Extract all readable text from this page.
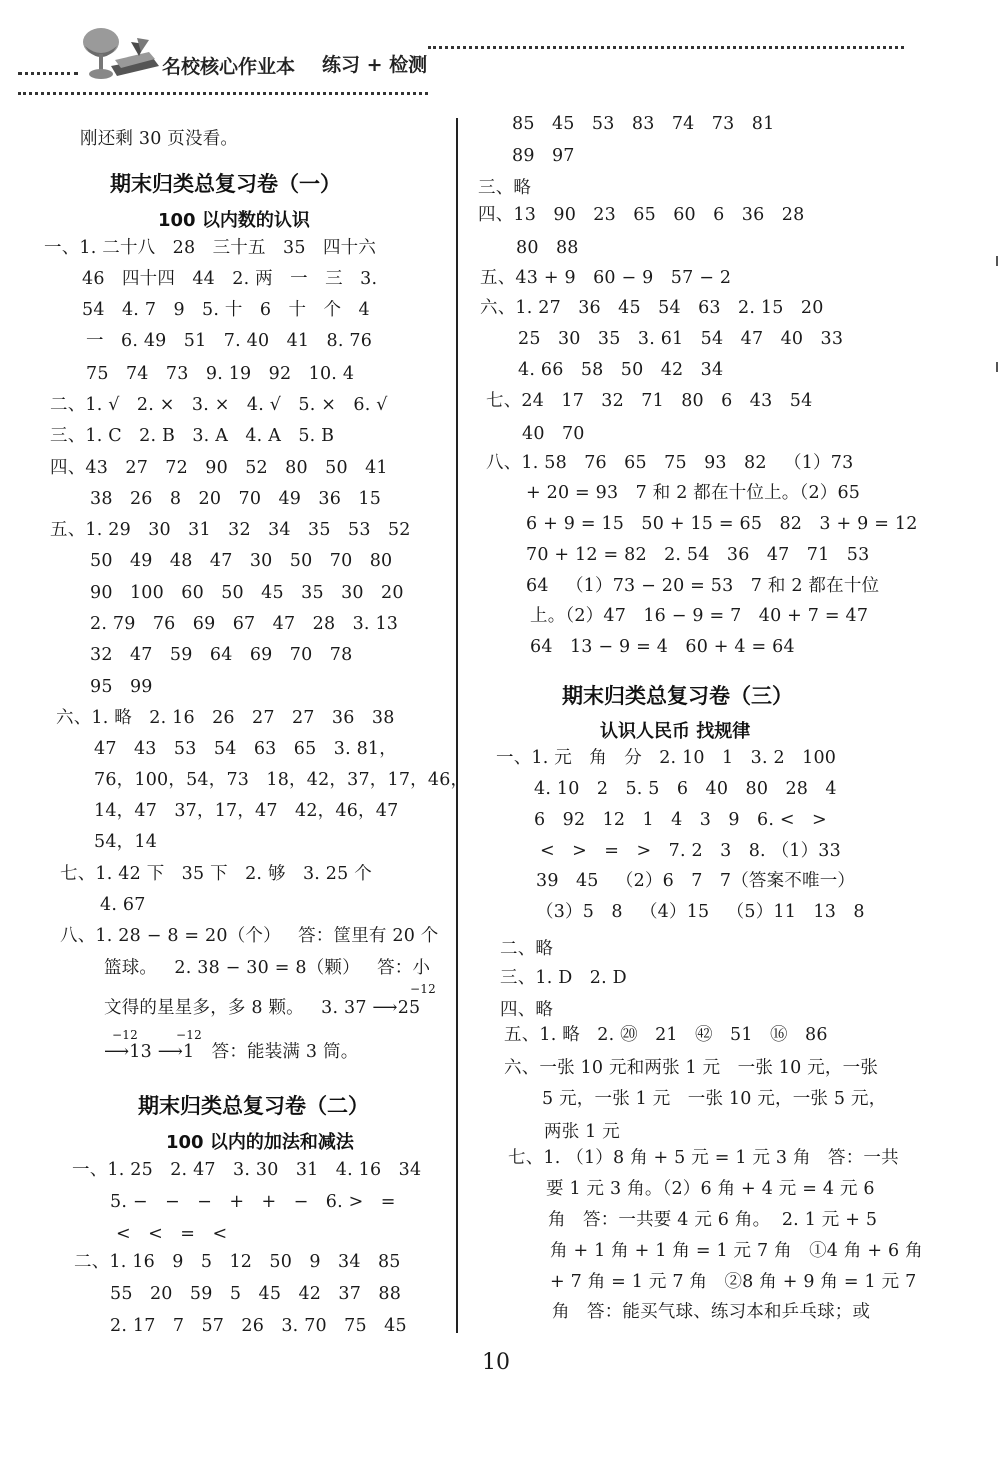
名校核心作业本 练习 + 检测
刚还剩 30 页没看。
期末归类总复习卷（一）
100 以内数的认识
一、1. 二十八   28   三十五   35   四十六
46   四十四   44   2. 两   一   三   3.
54   4. 7   9   5. 十   6   十   个   4
一   6. 49   51   7. 40   41   8. 76
75   74   73   9. 19   92   10. 4
二、1. √   2. ×   3. ×   4. √   5. ×   6. √
三、1. C   2. B   3. A   4. A   5. B
四、43   27   72   90   52   80   50   41
38   26   8   20   70   49   36   15
五、1. 29   30   31   32   34   35   53   52
50   49   48   47   30   50   70   80
90   100   60   50   45   35   30   20
2. 79   76   69   67   47   28   3. 13
32   47   59   64   69   70   78
95   99
六、1. 略   2. 16   26   27   27   36   38
47   43   53   54   63   65   3. 81，
76，100，54，73   18，42，37，17，46，
14，47   37，17，47   42，46，47
54，14
七、1. 42 下   35 下   2. 够   3. 25 个
4. 67
八、1. 28 − 8 = 20（个）   答：筐里有 20 个
篮球。   2. 38 − 30 = 8（颗）   答：小
文得的星星多，多 8 颗。   3. 37 ⟶25
⟶13 ⟶1   答：能装满 3 筒。
−12
−12	−12
期末归类总复习卷（二）
100 以内的加法和减法
一、1. 25   2. 47   3. 30   31   4. 16   34
5. −   −   −   +   +   −   6. >   =
<   <   =   <
二、1. 16   9   5   12   50   9   34   85
55   20   59   5   45   42   37   88
2. 17   7   57   26   3. 70   75   45
85   45   53   83   74   73   81
89   97
三、略
四、13   90   23   65   60   6   36   28
80   88
五、43 + 9   60 − 9   57 − 2
六、1. 27   36   45   54   63   2. 15   20
25   30   35   3. 61   54   47   40   33
4. 66   58   50   42   34
七、24   17   32   71   80   6   43   54
40   70
八、1. 58   76   65   75   93   82   （1）73
+ 20 = 93   7 和 2 都在十位上。（2）65
6 + 9 = 15   50 + 15 = 65   82   3 + 9 = 12
70 + 12 = 82   2. 54   36   47   71   53
64   （1）73 − 20 = 53   7 和 2 都在十位
上。（2）47   16 − 9 = 7   40 + 7 = 47
64   13 − 9 = 4   60 + 4 = 64
期末归类总复习卷（三）
认识人民币 找规律
一、1. 元   角   分   2. 10   1   3. 2   100
4. 10   2   5. 5   6   40   80   28   4
6   92   12   1   4   3   9   6. <   >
<   >   =   >   7. 2   3   8. （1）33
39   45   （2）6   7   7（答案不唯一）
（3）5   8   （4）15   （5）11   13   8
二、略
三、1. D   2. D
四、略
五、1. 略   2. ⑳   21   ㊷   51   ⑯   86
六、一张 10 元和两张 1 元   一张 10 元，一张
5 元，一张 1 元   一张 10 元，一张 5 元，
两张 1 元
七、1. （1）8 角 + 5 元 = 1 元 3 角   答：一共
要 1 元 3 角。（2）6 角 + 4 元 = 4 元 6
角   答：一共要 4 元 6 角。  2. 1 元 + 5
角 + 1 角 + 1 角 = 1 元 7 角   ①4 角 + 6 角
+ 7 角 = 1 元 7 角   ②8 角 + 9 角 = 1 元 7
角   答：能买气球、练习本和乒乓球；或
10
